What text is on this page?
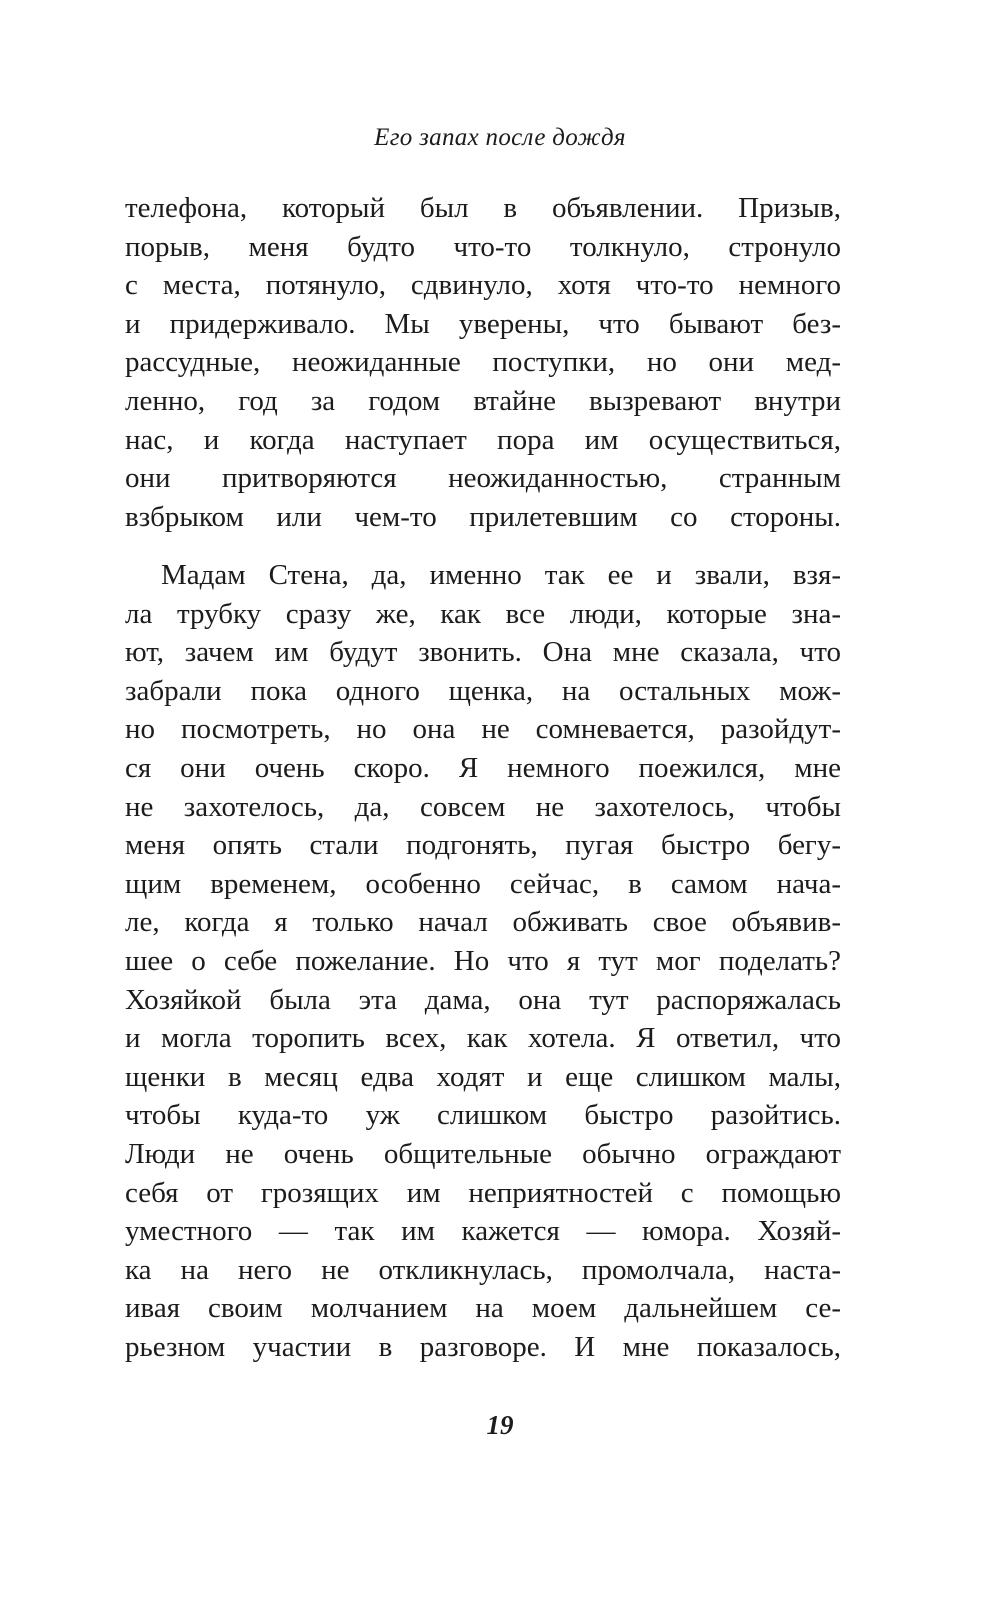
Его запах после дождя
телефона, который был в объявлении. Призыв,
порыв, меня будто что-то толкнуло, стронуло
с места, потянуло, сдвинуло, хотя что-то немного
и придерживало. Мы уверены, что бывают без-
рассудные, неожиданные поступки, но они мед-
ленно, год за годом втайне вызревают внутри
нас, и когда наступает пора им осуществиться,
они притворяются неожиданностью, странным
взбрыком или чем-то прилетевшим со стороны.
Мадам Стена, да, именно так ее и звали, взя-
ла трубку сразу же, как все люди, которые зна-
ют, зачем им будут звонить. Она мне сказала, что
забрали пока одного щенка, на остальных мож-
но посмотреть, но она не сомневается, разойдут-
ся они очень скоро. Я немного поежился, мне
не захотелось, да, совсем не захотелось, чтобы
меня опять стали подгонять, пугая быстро бегу-
щим временем, особенно сейчас, в самом нача-
ле, когда я только начал обживать свое объявив-
шее о себе пожелание. Но что я тут мог поделать?
Хозяйкой была эта дама, она тут распоряжалась
и могла торопить всех, как хотела. Я ответил, что
щенки в месяц едва ходят и еще слишком малы,
чтобы куда-то уж слишком быстро разойтись.
Люди не очень общительные обычно ограждают
себя от грозящих им неприятностей с помощью
уместного — так им кажется — юмора. Хозяй-
ка на него не откликнулась, промолчала, наста-
ивая своим молчанием на моем дальнейшем се-
рьезном участии в разговоре. И мне показалось,
19
